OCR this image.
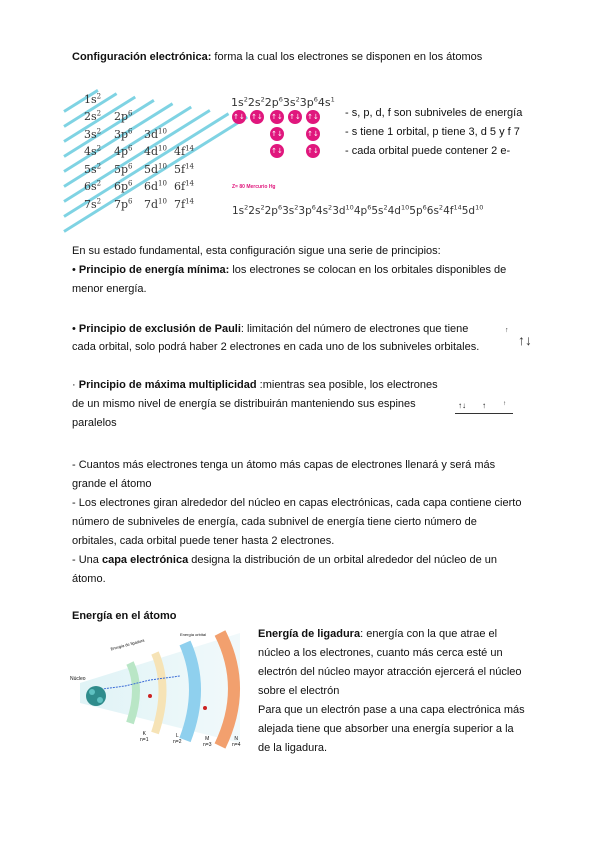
Configuración electrónica: forma la cual los electrones se disponen en los átomos
$1s^2$
$2s^2$ $2p^6$
$3s^2$ $3p^6$ $3d^{10}$
$4s^2$ $4p^6$ $4d^{10}$ $4f^{14}$
$5s^2$ $5p^6$ $5d^{10}$ $5f^{14}$
$6s^2$ $6p^6$ $6d^{10}$ $6f^{14}$
$7s^2$ $7p^6$ $7d^{10}$ $7f^{14}$
$1s^22s^22p^63s^23p^64s^1$
↑↓ ↑↓ ↑↓ ↑↓ ↑↓
↑↓	↑↓
↑↓	↑↓
Z= 80 Mercurio Hg
$1s^22s^22p^63s^23p^64s^23d^{10}4p^65s^24d^{10}5p^66s^24f^{14}5d^{10}$
- s, p, d, f son subniveles de energía
- s tiene 1 orbital, p tiene 3, d 5 y f 7
- cada orbital puede contener 2 e-
En su estado fundamental, esta configuración sigue una serie de principios:
• Principio de energía mínima: los electrones se colocan en los orbitales disponibles de
menor energía.
• Principio de exclusión de Pauli: limitación del número de electrones que tiene
cada orbital, solo podrá haber 2 electrones en cada uno de los subniveles orbitales.
↑
↑↓
· Principio de máxima multiplicidad :mientras sea posible, los electrones
de un mismo nivel de energía se distribuirán manteniendo sus espines
paralelos
↑↓ ↑	↑
- Cuantos más electrones tenga un átomo más capas de electrones llenará y será más
grande el átomo
- Los electrones giran alrededor del núcleo en capas electrónicas, cada capa contiene cierto
número de subniveles de energía, cada subnivel de energía tiene cierto número de
orbitales, cada orbital puede tener hasta 2 electrones.
- Una capa electrónica designa la distribución de un orbital alrededor del núcleo de un
átomo.
Energía en el átomo
Núcleo
Energía de ligadura
Energía orbital
K
n=1
L
n=2	M
n=3
N
n=4
Energía de ligadura: energía con la que atrae el
núcleo a los electrones, cuanto más cerca esté un
electrón del núcleo mayor atracción ejercerá el núcleo
sobre el electrón
Para que un electrón pase a una capa electrónica más
alejada tiene que absorber una energía superior a la
de la ligadura.
